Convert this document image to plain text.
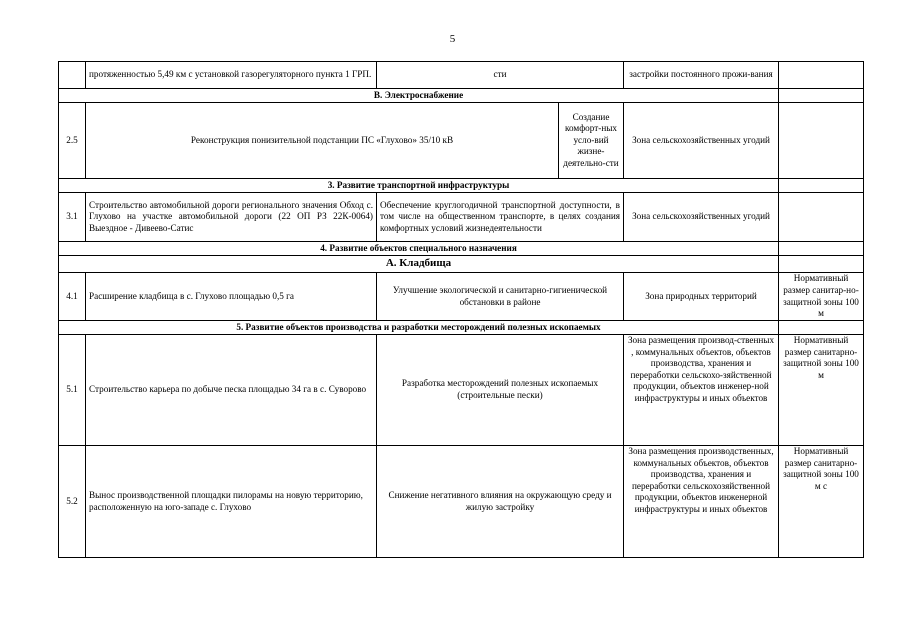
5
	протяженностью 5,49 км с установкой газорегуляторного пункта 1 ГРП.	сти		застройки постоянного прожи-вания	
В. Электроснабжение					
2.5	Реконструкция понизительной подстанции ПС «Глухово» 35/10 кВ		Создание комфорт-ных усло-вий жизне-деятельно-сти	Зона сельскохозяйственных угодий	
3. Развитие транспортной инфраструктуры					
3.1	Строительство автомобильной дороги регионального значения Обход с. Глухово на участке автомобильной дороги (22 ОП РЗ 22К-0064) Выездное - Дивеево-Сатис	Обеспечение круглогодичной транспортной доступности, в том числе на общественном транспорте, в целях создания комфортных условий жизнедеятельности		Зона сельскохозяйственных угодий	
4. Развитие объектов специального назначения					
А. Кладбища					
4.1	Расширение кладбища в с. Глухово площадью 0,5 га	Улучшение экологической и санитарно-гигиенической обстановки в районе		Зона природных территорий	Нормативный размер санитар-но-защитной зоны 100 м
5. Развитие объектов производства и разработки месторождений полезных ископаемых					
5.1	Строительство карьера по добыче песка площадью 34 га в с. Суворово	Разработка месторождений полезных ископаемых (строительные пески)		Зона размещения производ-ственных , коммунальных объектов, объектов производства, хранения и переработки сельскохо-зяйственной продукции, объектов инженер-ной инфраструктуры и иных объектов	Нормативный размер санитарно-защитной зоны 100 м
5.2	Вынос производственной площадки пилорамы на новую территорию, расположенную на юго-западе с. Глухово	Снижение негативного влияния на окружающую среду и жилую застройку		Зона размещения производственных, коммунальных объектов, объектов производства, хранения и переработки сельскохозяйственной продукции, объектов инженерной инфраструктуры и иных объектов	Нормативный размер санитарно-защитной зоны 100 м с
